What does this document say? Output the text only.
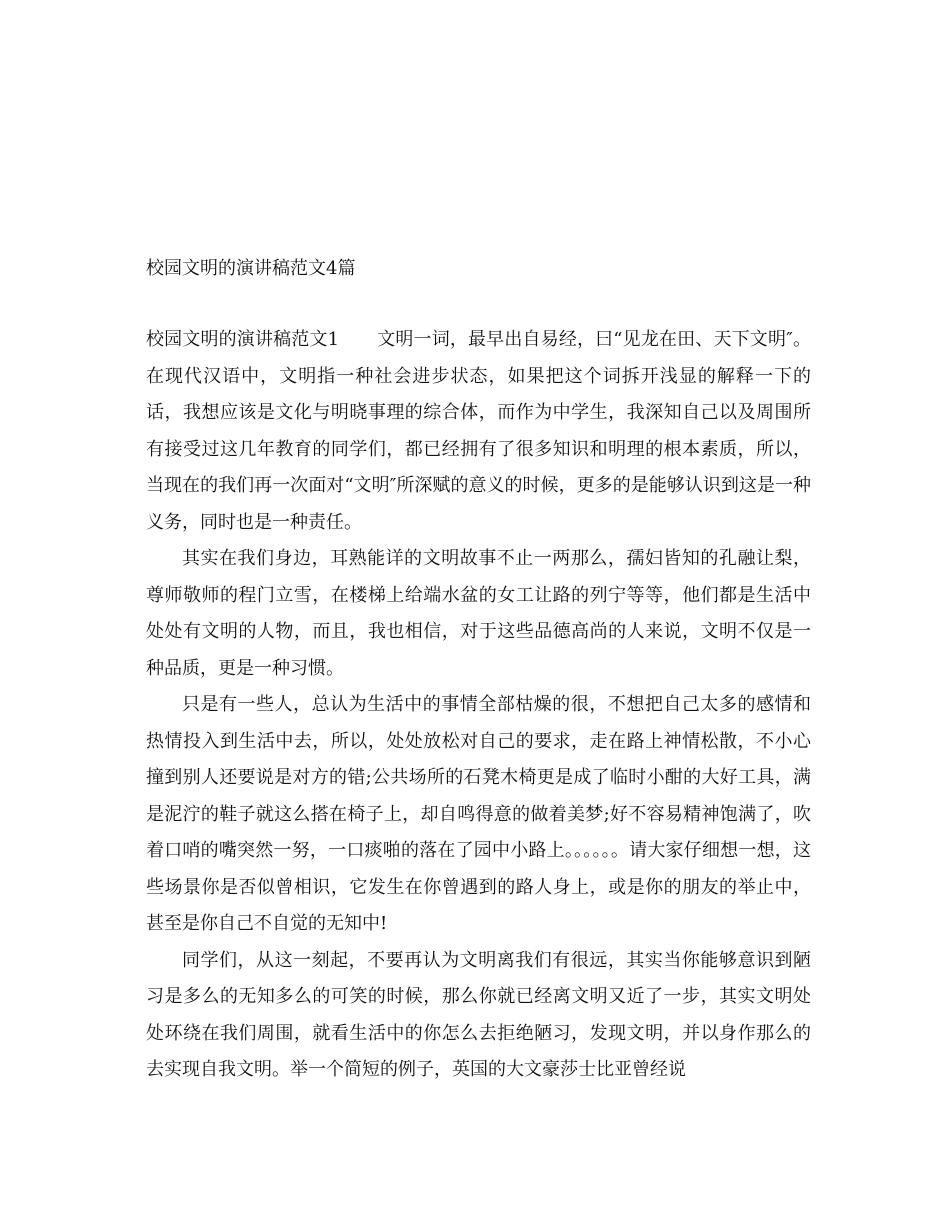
校园文明的演讲稿范文4篇

校园文明的演讲稿范文1 文明一词，最早出自易经，曰“见龙在田、天下文明″。在现代汉语中，文明指一种社会进步状态，如果把这个词拆开浅显的解释一下的话，我想应该是文化与明晓事理的综合体，而作为中学生，我深知自己以及周围所有接受过这几年教育的同学们，都已经拥有了很多知识和明理的根本素质，所以，当现在的我们再一次面对“文明″所深赋的意义的时候，更多的是能够认识到这是一种义务，同时也是一种责任。

其实在我们身边，耳熟能详的文明故事不止一两那么，孺妇皆知的孔融让梨，尊师敬师的程门立雪，在楼梯上给端水盆的女工让路的列宁等等，他们都是生活中处处有文明的人物，而且，我也相信，对于这些品德高尚的人来说，文明不仅是一种品质，更是一种习惯。

只是有一些人，总认为生活中的事情全部枯燥的很，不想把自己太多的感情和热情投入到生活中去，所以，处处放松对自己的要求，走在路上神情松散，不小心撞到别人还要说是对方的错;公共场所的石凳木椅更是成了临时小酣的大好工具，满是泥泞的鞋子就这么搭在椅子上，却自鸣得意的做着美梦;好不容易精神饱满了，吹着口哨的嘴突然一努，一口痰啪的落在了园中小路上。。。。。。请大家仔细想一想，这些场景你是否似曾相识，它发生在你曾遇到的路人身上，或是你的朋友的举止中，甚至是你自己不自觉的无知中!

同学们，从这一刻起，不要再认为文明离我们有很远，其实当你能够意识到陋习是多么的无知多么的可笑的时候，那么你就已经离文明又近了一步，其实文明处处环绕在我们周围，就看生活中的你怎么去拒绝陋习，发现文明，并以身作那么的去实现自我文明。举一个简短的例子，英国的大文豪莎士比亚曾经说
